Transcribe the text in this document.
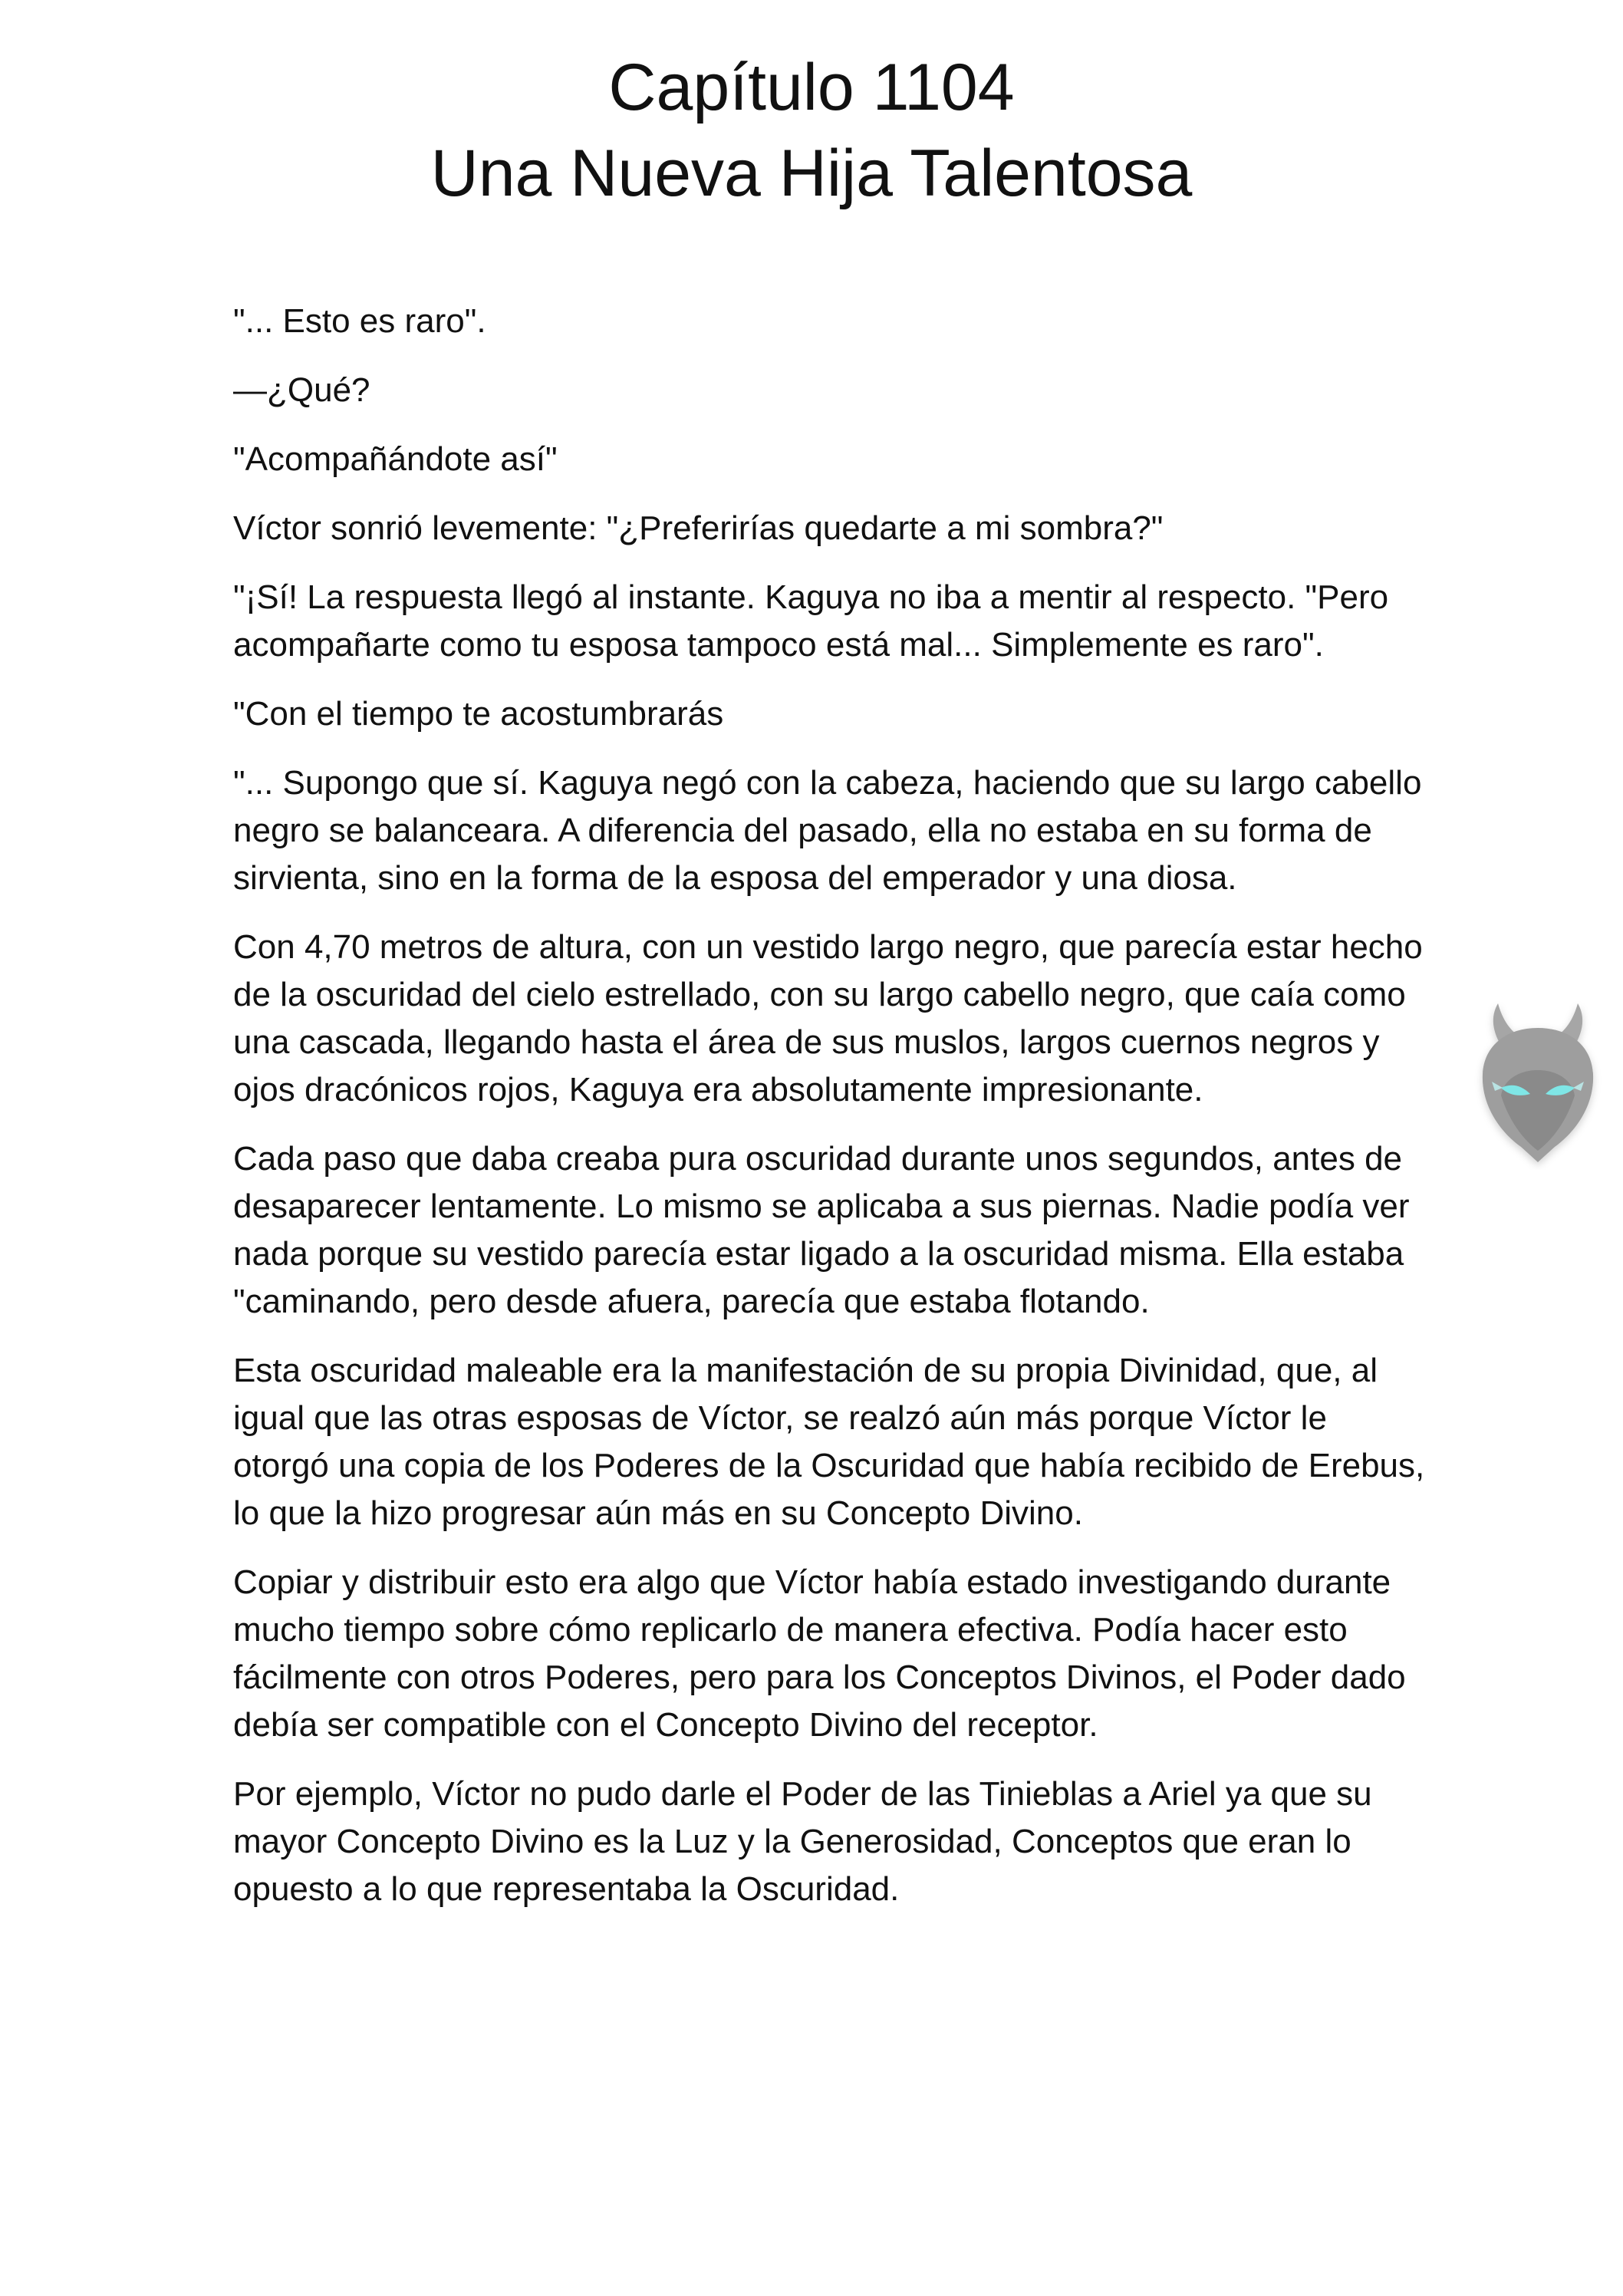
Capítulo 1104
Una Nueva Hija Talentosa

"... Esto es raro".

—¿Qué?

"Acompañándote así"

Víctor sonrió levemente: "¿Preferirías quedarte a mi sombra?"

"¡Sí! La respuesta llegó al instante. Kaguya no iba a mentir al respecto. "Pero acompañarte como tu esposa tampoco está mal... Simplemente es raro".

"Con el tiempo te acostumbrarás

"... Supongo que sí. Kaguya negó con la cabeza, haciendo que su largo cabello negro se balanceara. A diferencia del pasado, ella no estaba en su forma de sirvienta, sino en la forma de la esposa del emperador y una diosa.

Con 4,70 metros de altura, con un vestido largo negro, que parecía estar hecho de la oscuridad del cielo estrellado, con su largo cabello negro, que caía como una cascada, llegando hasta el área de sus muslos, largos cuernos negros y ojos dracónicos rojos, Kaguya era absolutamente impresionante.

Cada paso que daba creaba pura oscuridad durante unos segundos, antes de desaparecer lentamente. Lo mismo se aplicaba a sus piernas. Nadie podía ver nada porque su vestido parecía estar ligado a la oscuridad misma. Ella estaba "caminando, pero desde afuera, parecía que estaba flotando.

Esta oscuridad maleable era la manifestación de su propia Divinidad, que, al igual que las otras esposas de Víctor, se realzó aún más porque Víctor le otorgó una copia de los Poderes de la Oscuridad que había recibido de Erebus, lo que la hizo progresar aún más en su Concepto Divino.

Copiar y distribuir esto era algo que Víctor había estado investigando durante mucho tiempo sobre cómo replicarlo de manera efectiva. Podía hacer esto fácilmente con otros Poderes, pero para los Conceptos Divinos, el Poder dado debía ser compatible con el Concepto Divino del receptor.

Por ejemplo, Víctor no pudo darle el Poder de las Tinieblas a Ariel ya que su mayor Concepto Divino es la Luz y la Generosidad, Conceptos que eran lo opuesto a lo que representaba la Oscuridad.
